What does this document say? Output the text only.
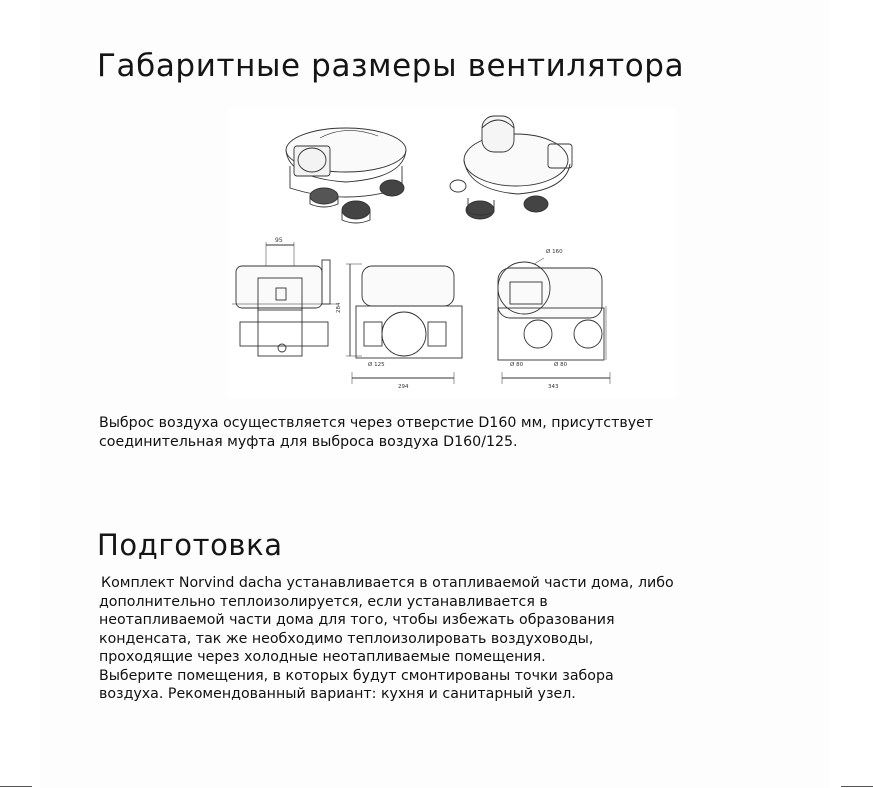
Габаритные размеры вентилятора
95
284
Ø 125
294
Ø 160
Ø 80	Ø 80
343

Выброс воздуха осуществляется через отверстие D160 мм, присутствует
соединительная муфта для выброса воздуха D160/125.

Подготовка

Комплект Norvind dacha устанавливается в отапливаемой части дома, либо
дополнительно теплоизолируется, если устанавливается в
неотапливаемой части дома для того, чтобы избежать образования
конденсата, так же необходимо теплоизолировать воздуховоды,
проходящие через холодные неотапливаемые помещения.
Выберите помещения, в которых будут смонтированы точки забора
воздуха. Рекомендованный вариант: кухня и санитарный узел.
